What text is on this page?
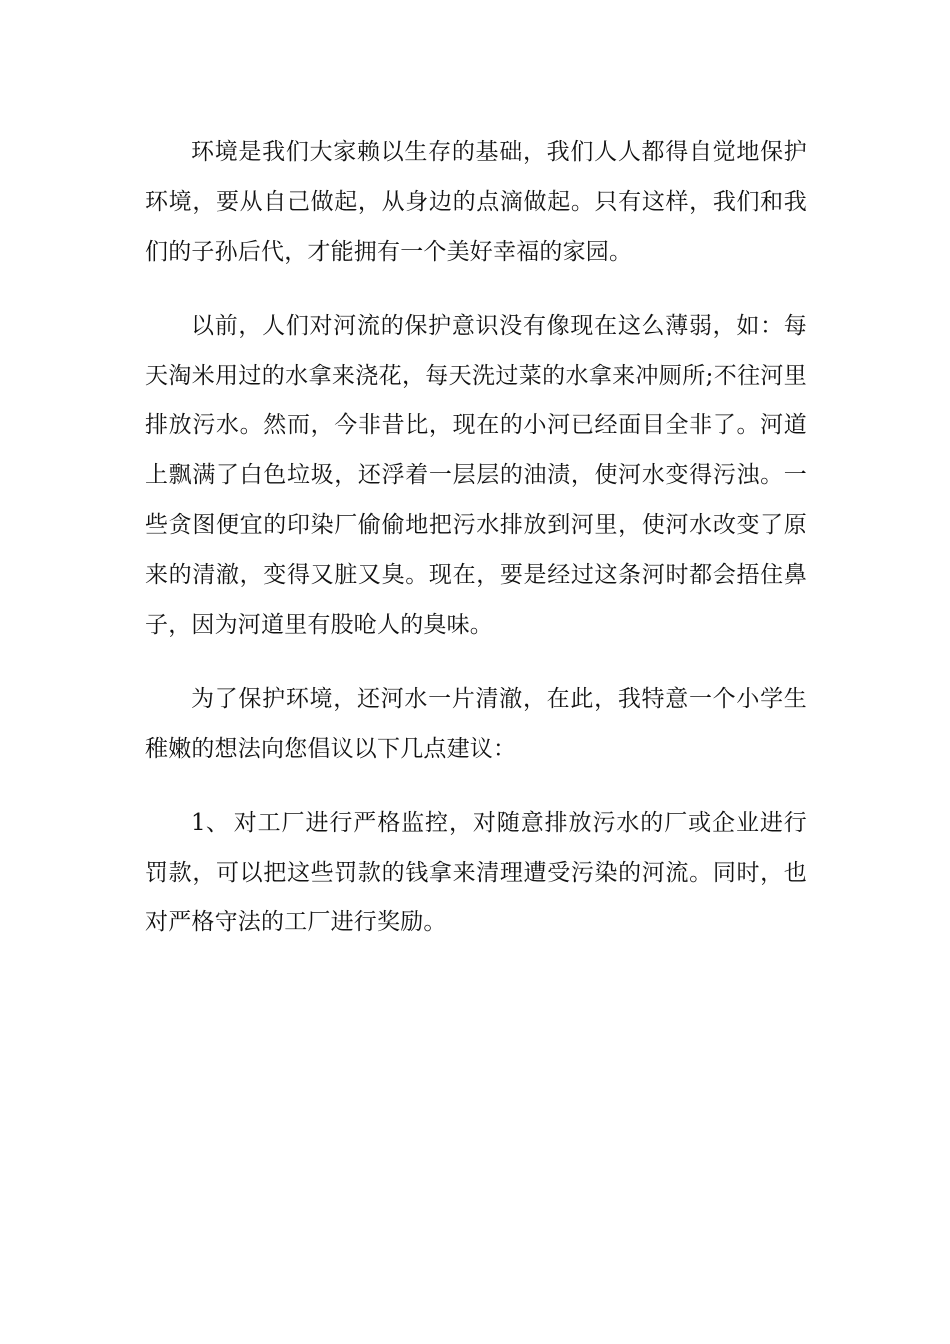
环境是我们大家赖以生存的基础，我们人人都得自觉地保护环境，要从自己做起，从身边的点滴做起。只有这样，我们和我们的子孙后代，才能拥有一个美好幸福的家园。

以前，人们对河流的保护意识没有像现在这么薄弱，如：每天淘米用过的水拿来浇花，每天洗过菜的水拿来冲厕所;不往河里排放污水。然而，今非昔比，现在的小河已经面目全非了。河道上飘满了白色垃圾，还浮着一层层的油渍，使河水变得污浊。一些贪图便宜的印染厂偷偷地把污水排放到河里，使河水改变了原来的清澈，变得又脏又臭。现在，要是经过这条河时都会捂住鼻子，因为河道里有股呛人的臭味。

为了保护环境，还河水一片清澈，在此，我特意一个小学生稚嫩的想法向您倡议以下几点建议：

1、 对工厂进行严格监控，对随意排放污水的厂或企业进行罚款，可以把这些罚款的钱拿来清理遭受污染的河流。同时，也对严格守法的工厂进行奖励。
